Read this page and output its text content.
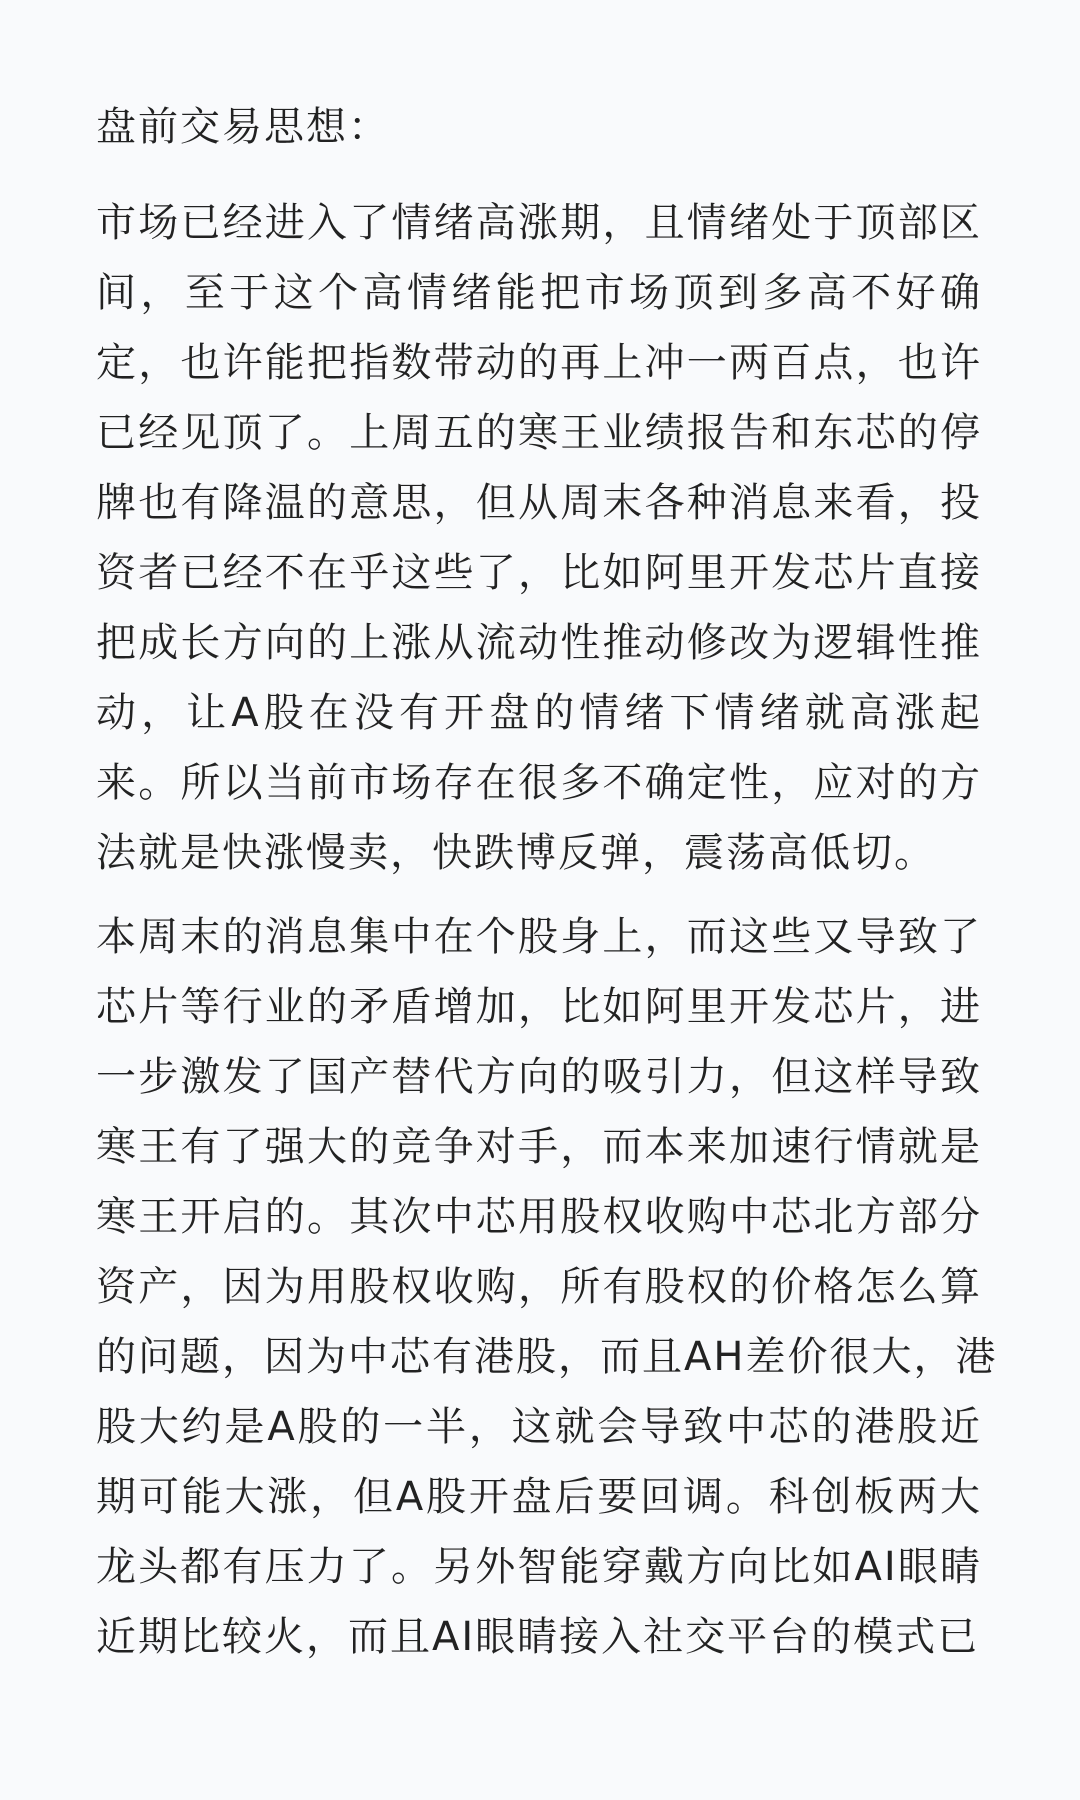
盘前交易思想：
市场已经进入了情绪高涨期，且情绪处于顶部区
间，至于这个高情绪能把市场顶到多高不好确
定，也许能把指数带动的再上冲一两百点，也许
已经见顶了。上周五的寒王业绩报告和东芯的停
牌也有降温的意思，但从周末各种消息来看，投
资者已经不在乎这些了，比如阿里开发芯片直接
把成长方向的上涨从流动性推动修改为逻辑性推
动，让A股在没有开盘的情绪下情绪就高涨起
来。所以当前市场存在很多不确定性，应对的方
法就是快涨慢卖，快跌博反弹，震荡高低切。
本周末的消息集中在个股身上，而这些又导致了
芯片等行业的矛盾增加，比如阿里开发芯片，进
一步激发了国产替代方向的吸引力，但这样导致
寒王有了强大的竞争对手，而本来加速行情就是
寒王开启的。其次中芯用股权收购中芯北方部分
资产，因为用股权收购，所有股权的价格怎么算
的问题，因为中芯有港股，而且AH差价很大，港
股大约是A股的一半，这就会导致中芯的港股近
期可能大涨，但A股开盘后要回调。科创板两大
龙头都有压力了。另外智能穿戴方向比如AI眼睛
近期比较火，而且AI眼睛接入社交平台的模式已
